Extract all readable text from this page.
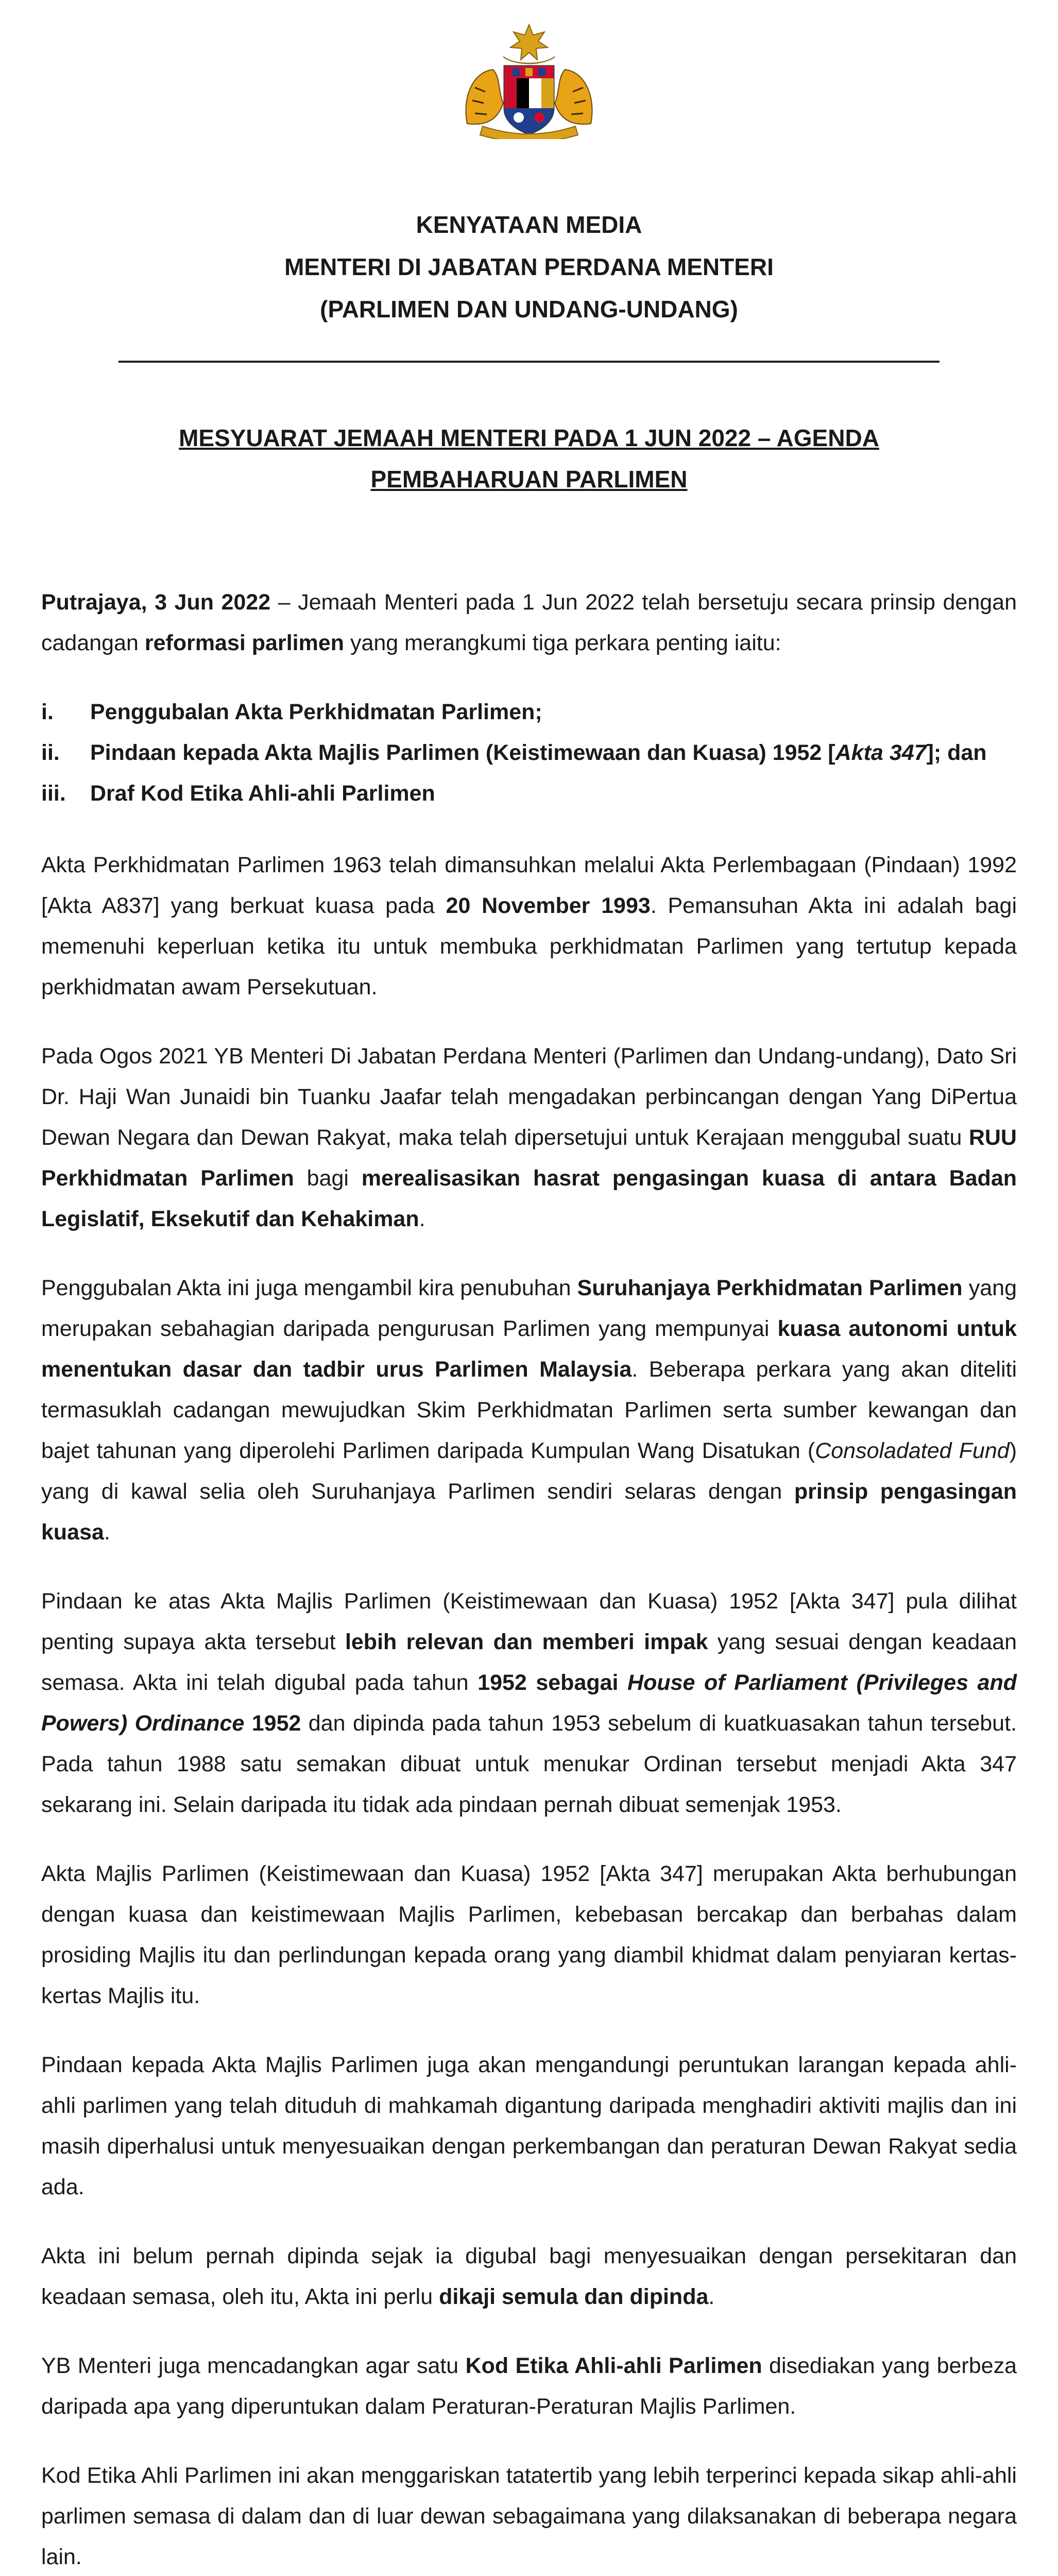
KENYATAAN MEDIA
MENTERI DI JABATAN PERDANA MENTERI
(PARLIMEN DAN UNDANG-UNDANG)
MESYUARAT JEMAAH MENTERI PADA 1 JUN 2022 – AGENDA
PEMBAHARUAN PARLIMEN

Putrajaya, 3 Jun 2022 – Jemaah Menteri pada 1 Jun 2022 telah bersetuju secara prinsip dengan cadangan reformasi parlimen yang merangkumi tiga perkara penting iaitu:

i.	Penggubalan Akta Perkhidmatan Parlimen;
ii.	Pindaan kepada Akta Majlis Parlimen (Keistimewaan dan Kuasa) 1952 [Akta 347]; dan
iii.	Draf Kod Etika Ahli-ahli Parlimen

Akta Perkhidmatan Parlimen 1963 telah dimansuhkan melalui Akta Perlembagaan (Pindaan) 1992 [Akta A837] yang berkuat kuasa pada 20 November 1993. Pemansuhan Akta ini adalah bagi memenuhi keperluan ketika itu untuk membuka perkhidmatan Parlimen yang tertutup kepada perkhidmatan awam Persekutuan.

Pada Ogos 2021 YB Menteri Di Jabatan Perdana Menteri (Parlimen dan Undang-undang), Dato Sri Dr. Haji Wan Junaidi bin Tuanku Jaafar telah mengadakan perbincangan dengan Yang DiPertua Dewan Negara dan Dewan Rakyat, maka telah dipersetujui untuk Kerajaan menggubal suatu RUU Perkhidmatan Parlimen bagi merealisasikan hasrat pengasingan kuasa di antara Badan Legislatif, Eksekutif dan Kehakiman.

Penggubalan Akta ini juga mengambil kira penubuhan Suruhanjaya Perkhidmatan Parlimen yang merupakan sebahagian daripada pengurusan Parlimen yang mempunyai kuasa autonomi untuk menentukan dasar dan tadbir urus Parlimen Malaysia. Beberapa perkara yang akan diteliti termasuklah cadangan mewujudkan Skim Perkhidmatan Parlimen serta sumber kewangan dan bajet tahunan yang diperolehi Parlimen daripada Kumpulan Wang Disatukan (Consoladated Fund) yang di kawal selia oleh Suruhanjaya Parlimen sendiri selaras dengan prinsip pengasingan kuasa.

Pindaan ke atas Akta Majlis Parlimen (Keistimewaan dan Kuasa) 1952 [Akta 347] pula dilihat penting supaya akta tersebut lebih relevan dan memberi impak yang sesuai dengan keadaan semasa. Akta ini telah digubal pada tahun 1952 sebagai House of Parliament (Privileges and Powers) Ordinance 1952 dan dipinda pada tahun 1953 sebelum di kuatkuasakan tahun tersebut. Pada tahun 1988 satu semakan dibuat untuk menukar Ordinan tersebut menjadi Akta 347 sekarang ini. Selain daripada itu tidak ada pindaan pernah dibuat semenjak 1953.

Akta Majlis Parlimen (Keistimewaan dan Kuasa) 1952 [Akta 347] merupakan Akta berhubungan dengan kuasa dan keistimewaan Majlis Parlimen, kebebasan bercakap dan berbahas dalam prosiding Majlis itu dan perlindungan kepada orang yang diambil khidmat dalam penyiaran kertas-kertas Majlis itu.

Pindaan kepada Akta Majlis Parlimen juga akan mengandungi peruntukan larangan kepada ahli-ahli parlimen yang telah dituduh di mahkamah digantung daripada menghadiri aktiviti majlis dan ini masih diperhalusi untuk menyesuaikan dengan perkembangan dan peraturan Dewan Rakyat sedia ada.

Akta ini belum pernah dipinda sejak ia digubal bagi menyesuaikan dengan persekitaran dan keadaan semasa, oleh itu, Akta ini perlu dikaji semula dan dipinda.

YB Menteri juga mencadangkan agar satu Kod Etika Ahli-ahli Parlimen disediakan yang berbeza daripada apa yang diperuntukan dalam Peraturan-Peraturan Majlis Parlimen.

Kod Etika Ahli Parlimen ini akan menggariskan tatatertib yang lebih terperinci kepada sikap ahli-ahli parlimen semasa di dalam dan di luar dewan sebagaimana yang dilaksanakan di beberapa negara lain.
